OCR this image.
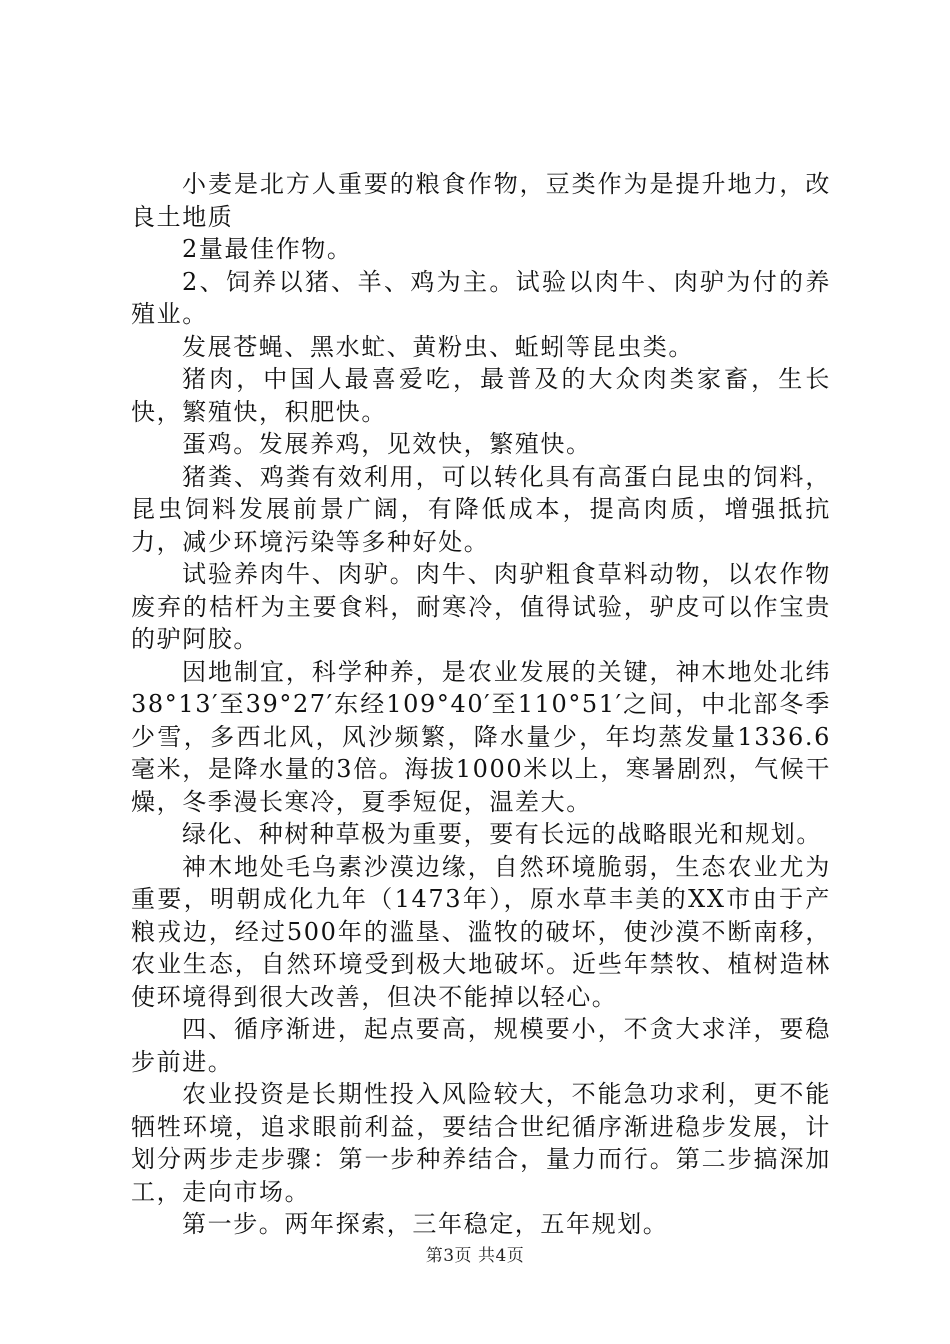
小麦是北方人重要的粮食作物，豆类作为是提升地力，改良土地质

2量最佳作物。

2、饲养以猪、羊、鸡为主。试验以肉牛、肉驴为付的养殖业。

发展苍蝇、黑水虻、黄粉虫、蚯蚓等昆虫类。

猪肉，中国人最喜爱吃，最普及的大众肉类家畜，生长快，繁殖快，积肥快。

蛋鸡。发展养鸡，见效快，繁殖快。

猪粪、鸡粪有效利用，可以转化具有高蛋白昆虫的饲料，昆虫饲料发展前景广阔，有降低成本，提高肉质，增强抵抗力，减少环境污染等多种好处。

试验养肉牛、肉驴。肉牛、肉驴粗食草料动物，以农作物废弃的桔杆为主要食料，耐寒冷，值得试验，驴皮可以作宝贵的驴阿胶。

因地制宜，科学种养，是农业发展的关键，神木地处北纬38°13′至39°27′东经109°40′至110°51′之间，中北部冬季少雪，多西北风，风沙频繁，降水量少，年均蒸发量1336.6毫米，是降水量的3倍。海拔1000米以上，寒暑剧烈，气候干燥，冬季漫长寒冷，夏季短促，温差大。

绿化、种树种草极为重要，要有长远的战略眼光和规划。

神木地处毛乌素沙漠边缘，自然环境脆弱，生态农业尤为重要，明朝成化九年（1473年），原水草丰美的XX市由于产粮戎边，经过500年的滥垦、滥牧的破坏，使沙漠不断南移，农业生态，自然环境受到极大地破坏。近些年禁牧、植树造林使环境得到很大改善，但决不能掉以轻心。

四、循序渐进，起点要高，规模要小，不贪大求洋，要稳步前进。

农业投资是长期性投入风险较大，不能急功求利，更不能牺牲环境，追求眼前利益，要结合世纪循序渐进稳步发展，计划分两步走步骤：第一步种养结合，量力而行。第二步搞深加工，走向市场。

第一步。两年探索，三年稳定，五年规划。

第3页 共4页
